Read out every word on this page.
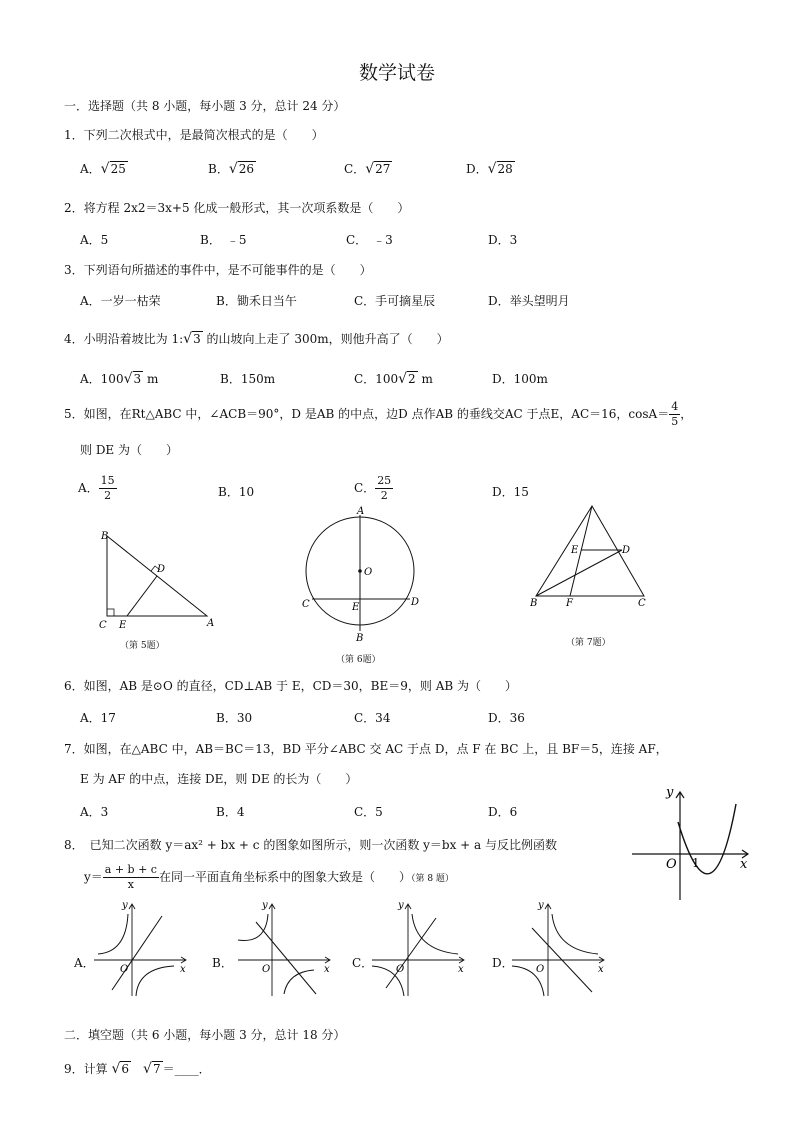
数学试卷
一．选择题（共 8 小题，每小题 3 分，总计 24 分）
1．下列二次根式中，是最简次根式的是（　　）
A．√25	B．√26	C．√27	D．√28
2．将方程 2x2＝3x+5 化成一般形式，其一次项系数是（　　）
A．5	B．　﹣5	C．　﹣3	D．3
3．下列语句所描述的事件中，是不可能事件的是（　　）
A．一岁一枯荣	B．锄禾日当午	C．手可摘星辰	D．举头望明月
4．小明沿着坡比为 1:√3 的山坡向上走了 300m，则他升高了（　　）
A．100√3 m	B．150m	C．100√2 m	D．100m
5．如图，在Rt△ABC 中，∠ACB＝90°，D 是AB 的中点，边D 点作AB 的垂线交AC 于点E，AC＝16，$\cos A= \frac{4}{5}$ ，
则 DE 为（　　）
A． $\frac{15}{2}$	B．10	C． $\frac{25}{2}$	D．15
B
D
C E	A
（第 5题）
A
O
C	E	D
B
（第 6题）
E	D
B	F	C
（第 7题）
6．如图，AB 是⊙O 的直径，CD⊥AB 于 E，CD＝30，BE＝9，则 AB 为（　　）
A．17	B．30	C．34	D．36
7．如图，在△ABC 中，AB＝BC＝13，BD 平分∠ABC 交 AC 于点 D，点 F 在 BC 上，且 BF＝5，连接 AF，
E 为 AF 的中点，连接 DE，则 DE 的长为（　　）
A．3	B．4	C．5	D．6
y
O 1	x
8．　已知二次函数 y＝ax² + bx + c 的图象如图所示，则一次函数 y＝bx + a 与反比例函数
$y= \frac{a + b + c}{x}$ 在同一平面直角坐标系中的图象大致是（　　）（第 8 题）
A．
y
O	x B．
y
O	x C．
y
O	x D．
y
O	x
二．填空题（共 6 小题，每小题 3 分，总计 18 分）
9．计算 √6　 √7 ＝____．
